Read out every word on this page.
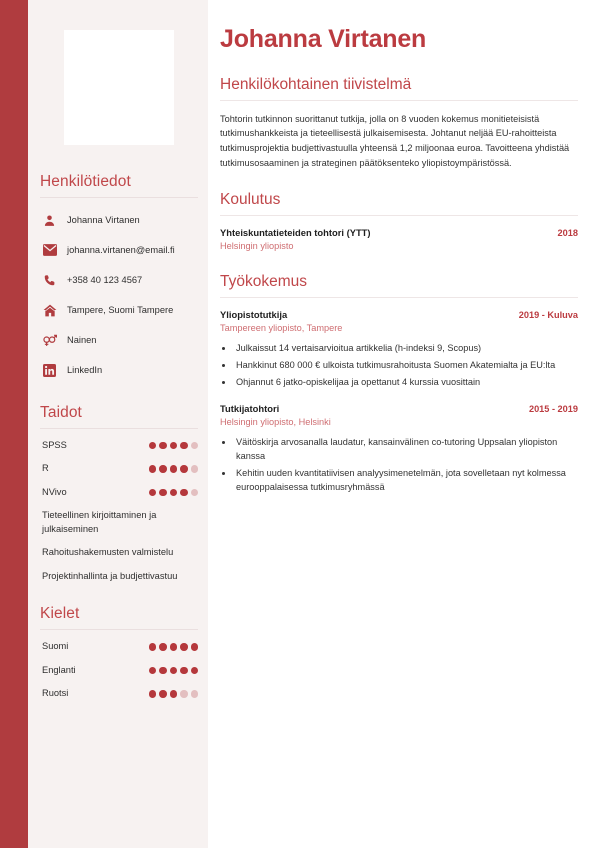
Henkilötiedot
Johanna Virtanen
johanna.virtanen@email.fi
+358 40 123 4567
Tampere, Suomi Tampere
Nainen
LinkedIn
Taidot
SPSS
R
NVivo
Tieteellinen kirjoittaminen ja julkaiseminen
Rahoitushakemusten valmistelu
Projektinhallinta ja budjettivastuu
Kielet
Suomi
Englanti
Ruotsi
Johanna Virtanen
Henkilökohtainen tiivistelmä

Tohtorin tutkinnon suorittanut tutkija, jolla on 8 vuoden kokemus monitieteisistä tutkimushankkeista ja tieteellisestä julkaisemisesta. Johtanut neljää EU-rahoitteista tutkimusprojektia budjettivastuulla yhteensä 1,2 miljoonaa euroa. Tavoitteena yhdistää tutkimusosaaminen ja strateginen päätöksenteko yliopistoympäristössä.

Koulutus
Yhteiskuntatieteiden tohtori (YTT)	2018
Helsingin yliopisto
Työkokemus
Yliopistotutkija	2019 - Kuluva
Tampereen yliopisto, Tampere
• Julkaissut 14 vertaisarvioitua artikkelia (h-indeksi 9, Scopus)
• Hankkinut 680 000 € ulkoista tutkimusrahoitusta Suomen Akatemialta ja EU:lta
• Ohjannut 6 jatko-opiskelijaa ja opettanut 4 kurssia vuosittain
Tutkijatohtori	2015 - 2019
Helsingin yliopisto, Helsinki
• Väitöskirja arvosanalla laudatur, kansainvälinen co-tutoring Uppsalan yliopiston kanssa
• Kehitin uuden kvantitatiivisen analyysimenetelmän, jota sovelletaan nyt kolmessa eurooppalaisessa tutkimusryhmässä
